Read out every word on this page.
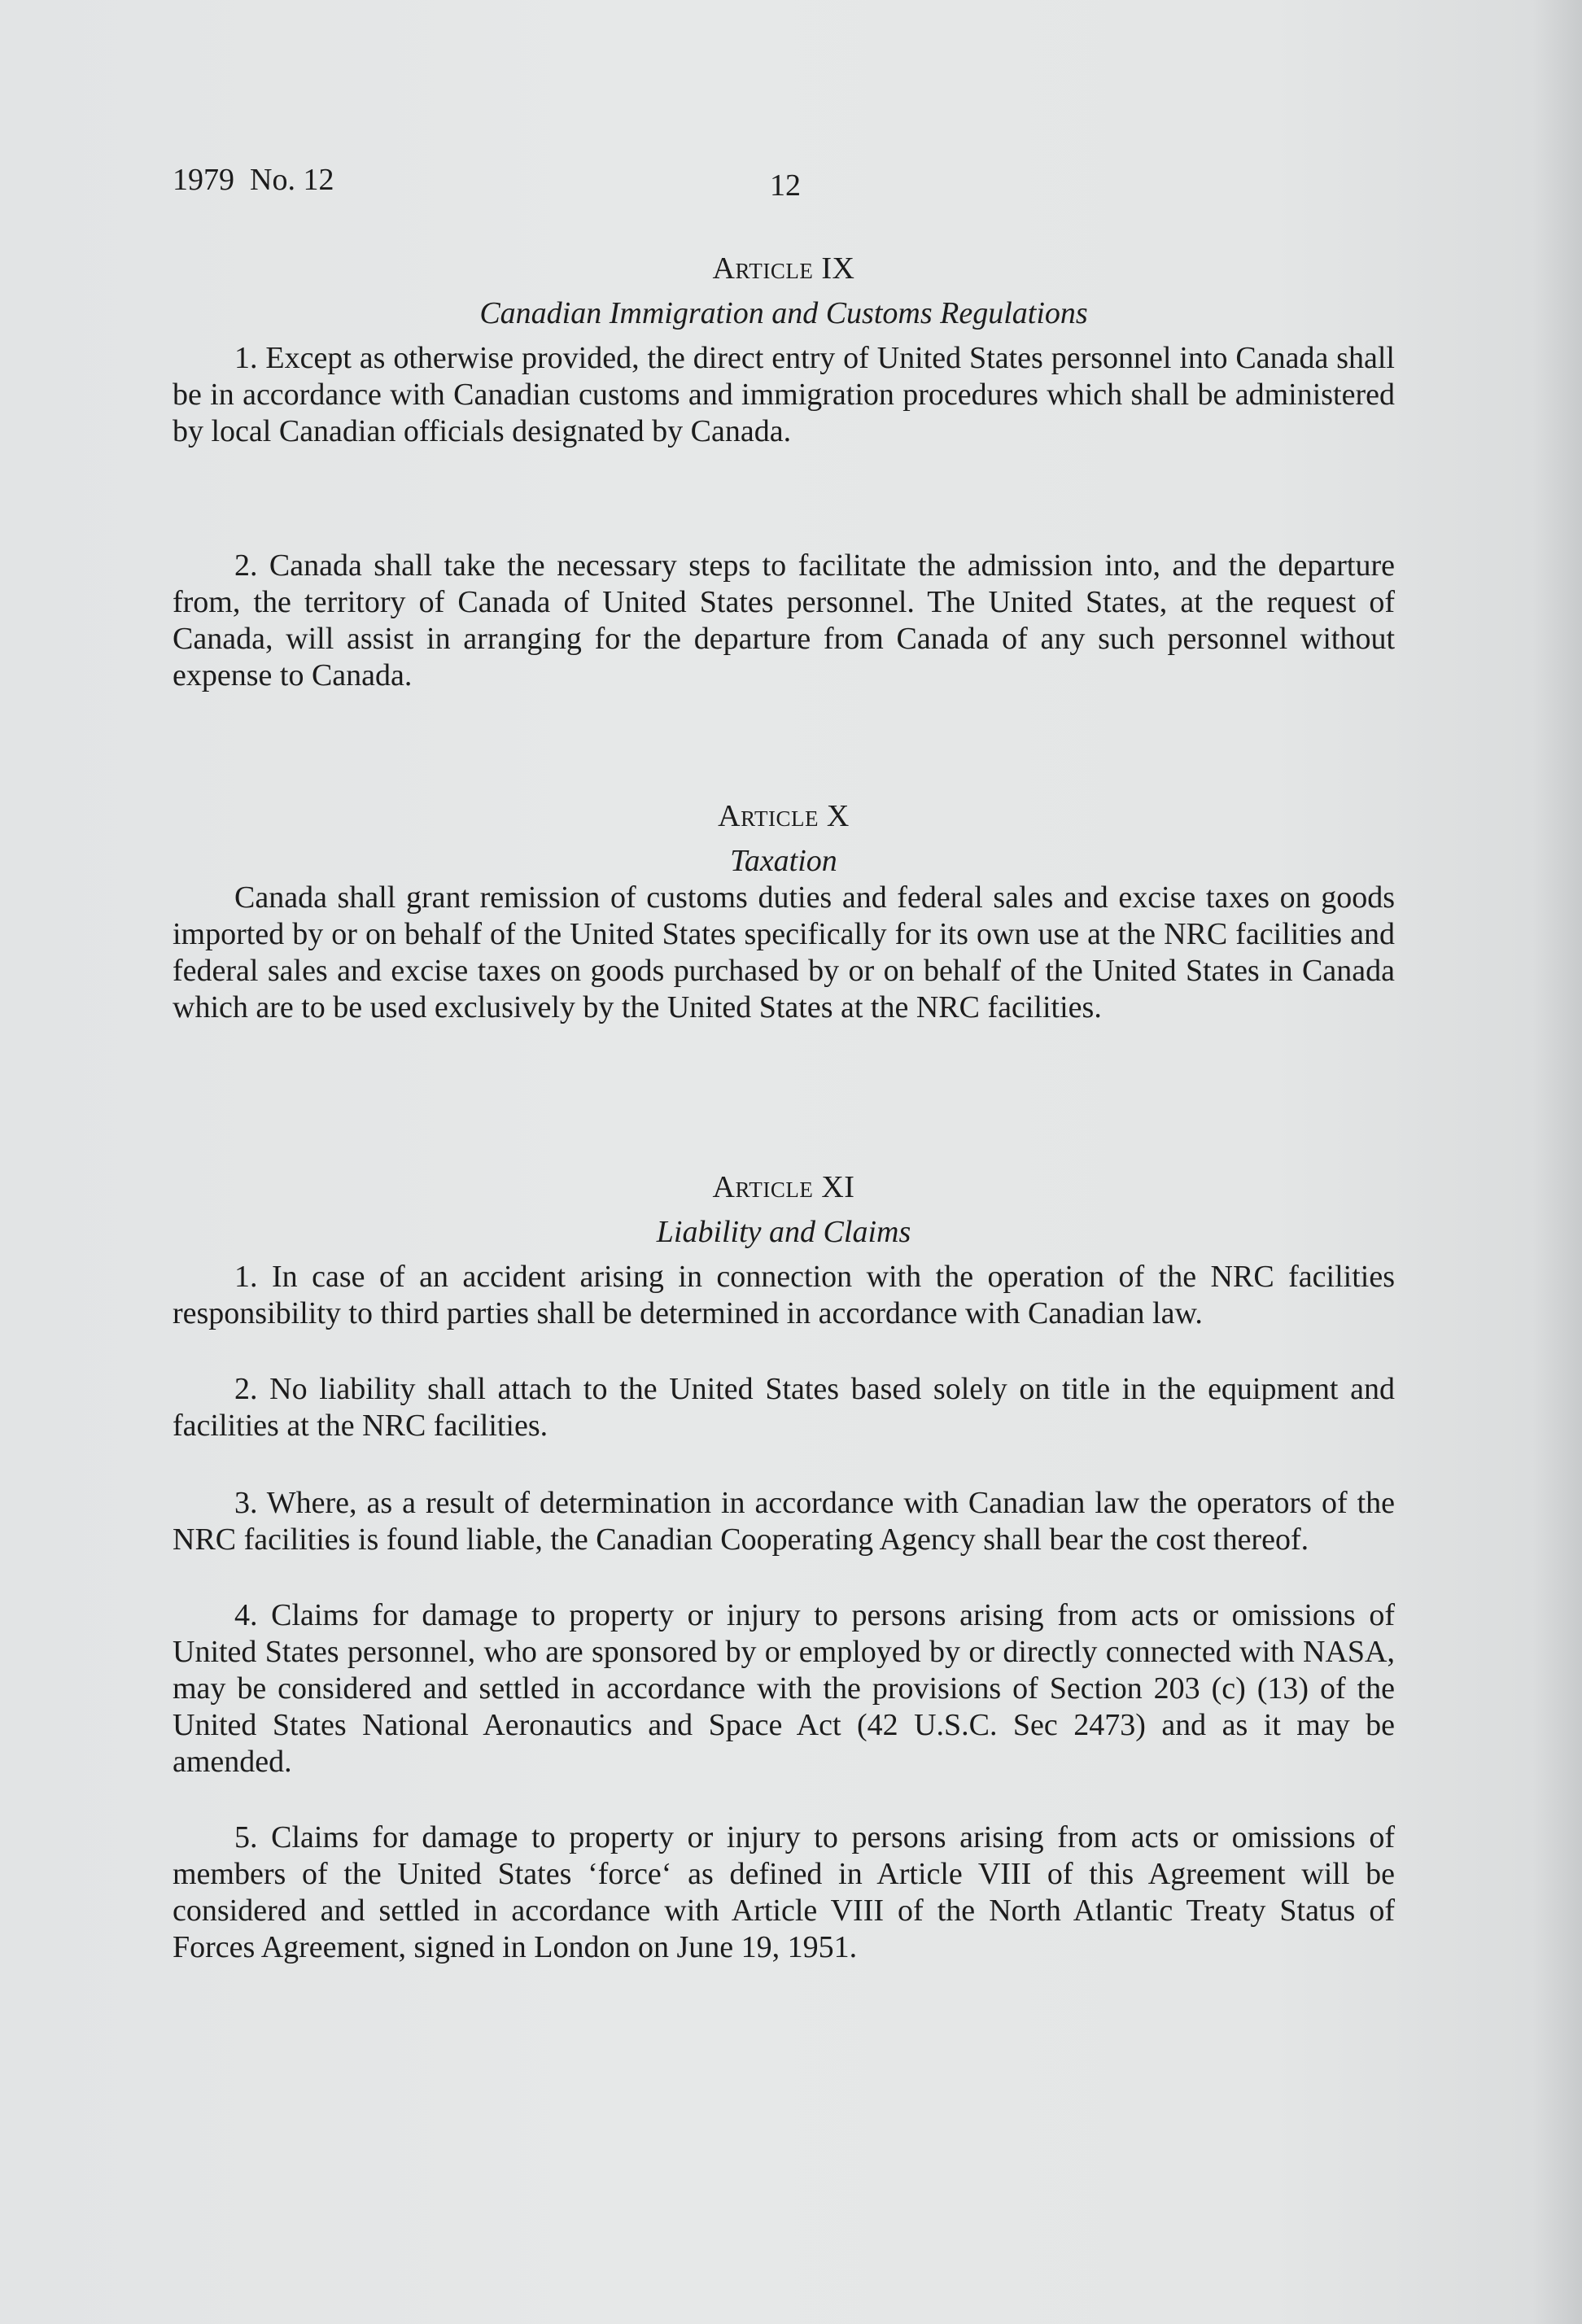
1979  No. 12	12
Article IX
Canadian Immigration and Customs Regulations

1. Except as otherwise provided, the direct entry of United States personnel into Canada shall be in accordance with Canadian customs and immigration procedures which shall be administered by local Canadian officials designated by Canada.

2. Canada shall take the necessary steps to facilitate the admission into, and the departure from, the territory of Canada of United States personnel. The United States, at the request of Canada, will assist in arranging for the departure from Canada of any such personnel without expense to Canada.

Article X
Taxation

Canada shall grant remission of customs duties and federal sales and excise taxes on goods imported by or on behalf of the United States specifically for its own use at the NRC facilities and federal sales and excise taxes on goods purchased by or on behalf of the United States in Canada which are to be used exclusively by the United States at the NRC facilities.

Article XI
Liability and Claims

1. In case of an accident arising in connection with the operation of the NRC facilities responsibility to third parties shall be determined in accordance with Canadian law.

2. No liability shall attach to the United States based solely on title in the equipment and facilities at the NRC facilities.

3. Where, as a result of determination in accordance with Canadian law the operators of the NRC facilities is found liable, the Canadian Cooperating Agency shall bear the cost thereof.

4. Claims for damage to property or injury to persons arising from acts or omissions of United States personnel, who are sponsored by or employed by or directly connected with NASA, may be considered and settled in accordance with the provisions of Section 203 (c) (13) of the United States National Aeronautics and Space Act (42 U.S.C. Sec 2473) and as it may be amended.

5. Claims for damage to property or injury to persons arising from acts or omissions of members of the United States ‘force‘ as defined in Article VIII of this Agreement will be considered and settled in accordance with Article VIII of the North Atlantic Treaty Status of Forces Agreement, signed in London on June 19, 1951.
